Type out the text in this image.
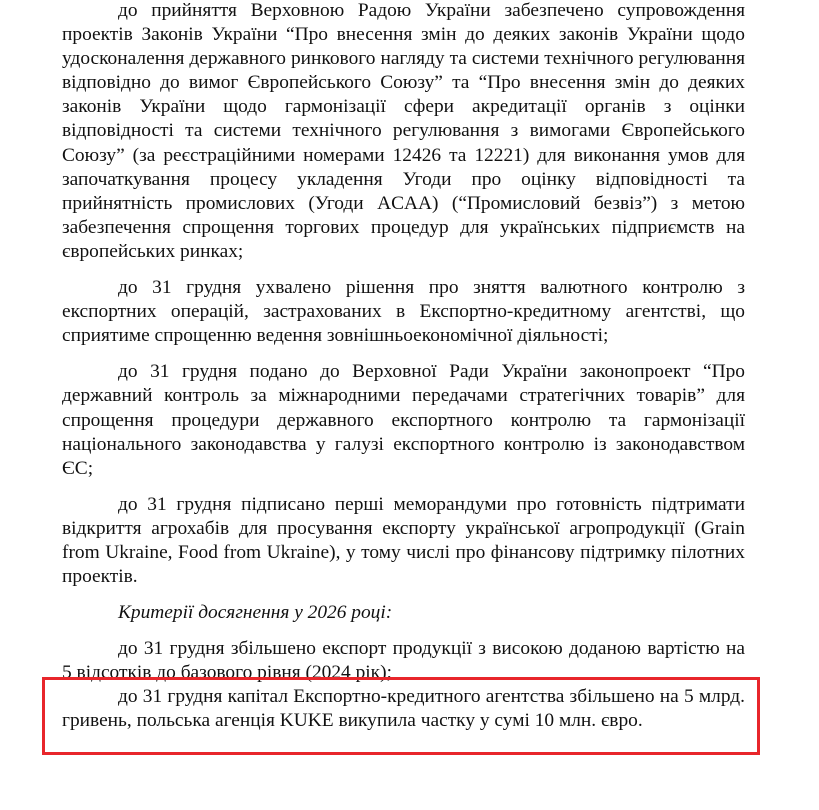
до прийняття Верховною Радою України забезпечено супровождення проектів Законів України “Про внесення змін до деяких законів України щодо удосконалення державного ринкового нагляду та системи технічного регулювання відповідно до вимог Європейського Союзу” та “Про внесення змін до деяких законів України щодо гармонізації сфери акредитації органів з оцінки відповідності та системи технічного регулювання з вимогами Європейського Союзу” (за реєстраційними номерами 12426 та 12221) для виконання умов для започаткування процесу укладення Угоди про оцінку відповідності та прийнятність промислових (Угоди ACAA) (“Промисловий безвіз”) з метою забезпечення спрощення торгових процедур для українських підприємств на європейських ринках;

до 31 грудня ухвалено рішення про зняття валютного контролю з експортних операцій, застрахованих в Експортно-кредитному агентстві, що сприятиме спрощенню ведення зовнішньоекономічної діяльності;

до 31 грудня подано до Верховної Ради України законопроект “Про державний контроль за міжнародними передачами стратегічних товарів” для спрощення процедури державного експортного контролю та гармонізації національного законодавства у галузі експортного контролю із законодавством ЄС;

до 31 грудня підписано перші меморандуми про готовність підтримати відкриття агрохабів для просування експорту української агропродукції (Grain from Ukraine, Food from Ukraine), у тому числі про фінансову підтримку пілотних проектів.

Критерії досягнення у 2026 році:

до 31 грудня збільшено експорт продукції з високою доданою вартістю на 5 відсотків до базового рівня (2024 рік);

до 31 грудня капітал Експортно-кредитного агентства збільшено на 5 млрд. гривень, польська агенція KUKE викупила частку у сумі 10 млн. євро.
